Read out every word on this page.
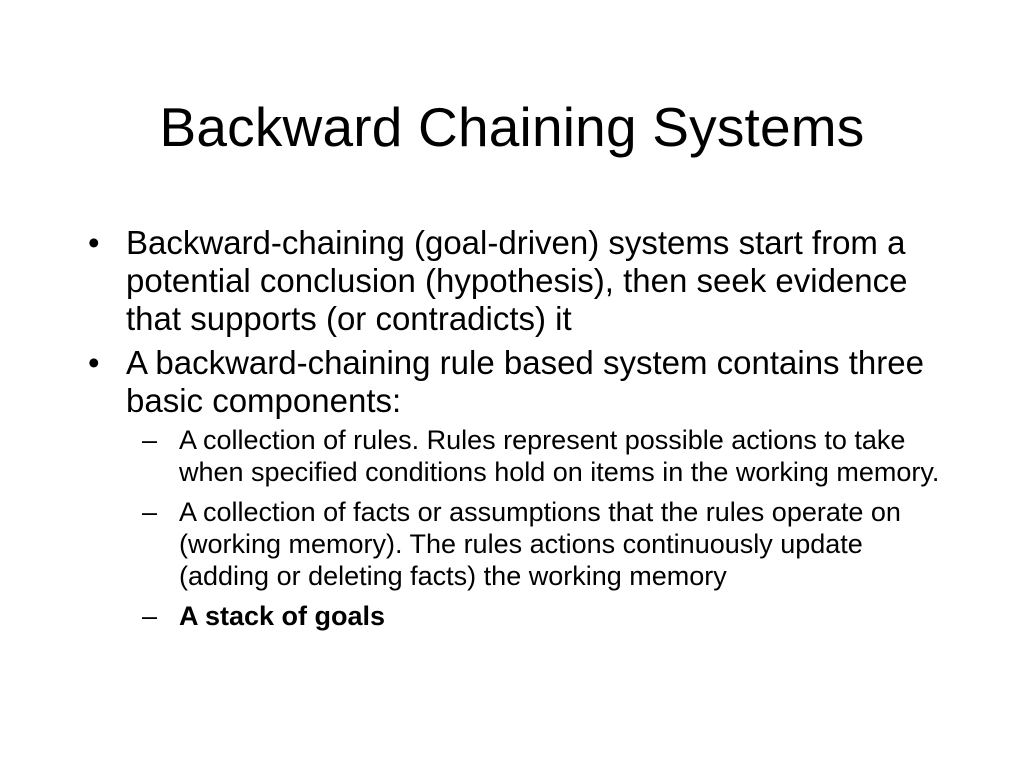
Backward Chaining Systems
• Backward-chaining (goal-driven) systems start from a potential conclusion (hypothesis), then seek evidence that supports (or contradicts) it
• A backward-chaining rule based system contains three basic components:
– A collection of rules. Rules represent possible actions to take when specified conditions hold on items in the working memory.
– A collection of facts or assumptions that the rules operate on (working memory). The rules actions continuously update (adding or deleting facts) the working memory
– A stack of goals
